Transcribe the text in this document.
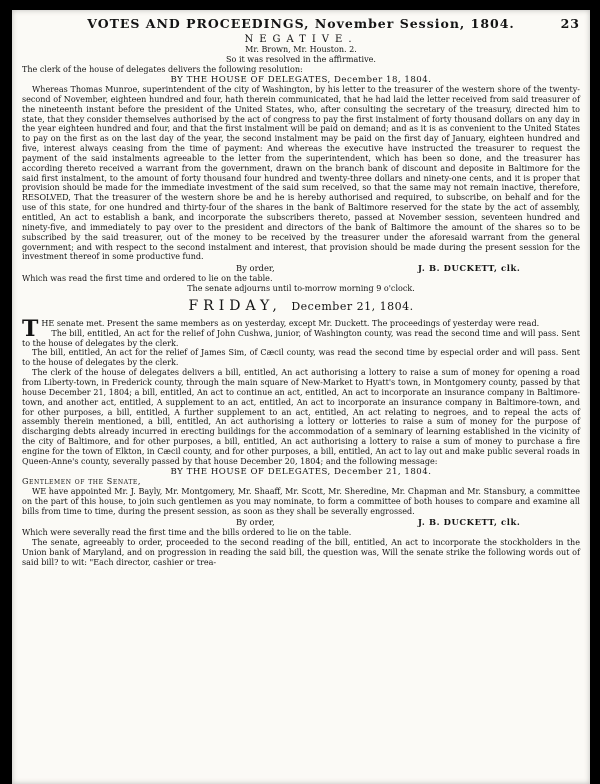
VOTES AND PROCEEDINGS, November Session, 1804.	23
NEGATIVE.

Mr. Brown, Mr. Houston. 2.

So it was resolved in the affirmative.

The clerk of the house of delegates delivers the following resolution:

BY THE HOUSE OF DELEGATES, December 18, 1804.

Whereas Thomas Munroe, superintendent of the city of Washington, by his letter to the treasurer of the western shore of the twenty-second of November, eighteen hundred and four, hath therein communicated, that he had laid the letter received from said treasurer of the nineteenth instant before the president of the United States, who, after consulting the secretary of the treasury, directed him to state, that they consider themselves authorised by the act of congress to pay the first instalment of forty thousand dollars on any day in the year eighteen hundred and four, and that the first instalment will be paid on demand; and as it is as convenient to the United States to pay on the first as on the last day of the year, the second instalment may be paid on the first day of January, eighteen hundred and five, interest always ceasing from the time of payment: And whereas the executive have instructed the treasurer to request the payment of the said instalments agreeable to the letter from the superintendent, which has been so done, and the treasurer has according thereto received a warrant from the government, drawn on the branch bank of discount and deposite in Baltimore for the said first instalment, to the amount of forty thousand four hundred and twenty-three dollars and ninety-one cents, and it is proper that provision should be made for the immediate investment of the said sum received, so that the same may not remain inactive, therefore, RESOLVED, That the treasurer of the western shore be and he is hereby authorised and required, to subscribe, on behalf and for the use of this state, for one hundred and thirty-four of the shares in the bank of Baltimore reserved for the state by the act of assembly, entitled, An act to establish a bank, and incorporate the subscribers thereto, passed at November session, seventeen hundred and ninety-five, and immediately to pay over to the president and directors of the bank of Baltimore the amount of the shares so to be subscribed by the said treasurer, out of the money to be received by the treasurer under the aforesaid warrant from the general government; and with respect to the second instalment and interest, that provision should be made during the present session for the investment thereof in some productive fund.

By order,	J. B. DUCKETT, clk.

Which was read the first time and ordered to lie on the table.

The senate adjourns until to-morrow morning 9 o'clock.

FRIDAY, December 21, 1804.

THE senate met. Present the same members as on yesterday, except Mr. Duckett. The proceedings of yesterday were read.

The bill, entitled, An act for the relief of John Cushwa, junior, of Washington county, was read the second time and will pass. Sent to the house of delegates by the clerk.

The bill, entitled, An act for the relief of James Sim, of Cæcil county, was read the second time by especial order and will pass. Sent to the house of delegates by the clerk.

The clerk of the house of delegates delivers a bill, entitled, An act authorising a lottery to raise a sum of money for opening a road from Liberty-town, in Frederick county, through the main square of New-Market to Hyatt's town, in Montgomery county, passed by that house December 21, 1804; a bill, entitled, An act to continue an act, entitled, An act to incorporate an insurance company in Baltimore-town, and another act, entitled, A supplement to an act, entitled, An act to incorporate an insurance company in Baltimore-town, and for other purposes, a bill, entitled, A further supplement to an act, entitled, An act relating to negroes, and to repeal the acts of assembly therein mentioned, a bill, entitled, An act authorising a lottery or lotteries to raise a sum of money for the purpose of discharging debts already incurred in erecting buildings for the accommodation of a seminary of learning established in the vicinity of the city of Baltimore, and for other purposes, a bill, entitled, An act authorising a lottery to raise a sum of money to purchase a fire engine for the town of Elkton, in Cæcil county, and for other purposes, a bill, entitled, An act to lay out and make public several roads in Queen-Anne's county, severally passed by that house December 20, 1804; and the following message:

BY THE HOUSE OF DELEGATES, December 21, 1804.

Gentlemen of the Senate,

WE have appointed Mr. J. Bayly, Mr. Montgomery, Mr. Shaaff, Mr. Scott, Mr. Sheredine, Mr. Chapman and Mr. Stansbury, a committee on the part of this house, to join such gentlemen as you may nominate, to form a committee of both houses to compare and examine all bills from time to time, during the present session, as soon as they shall be severally engrossed.

By order,	J. B. DUCKETT, clk.

Which were severally read the first time and the bills ordered to lie on the table.

The senate, agreeably to order, proceeded to the second reading of the bill, entitled, An act to incorporate the stockholders in the Union bank of Maryland, and on progression in reading the said bill, the question was, Will the senate strike the following words out of said bill? to wit: "Each director, cashier or trea-
